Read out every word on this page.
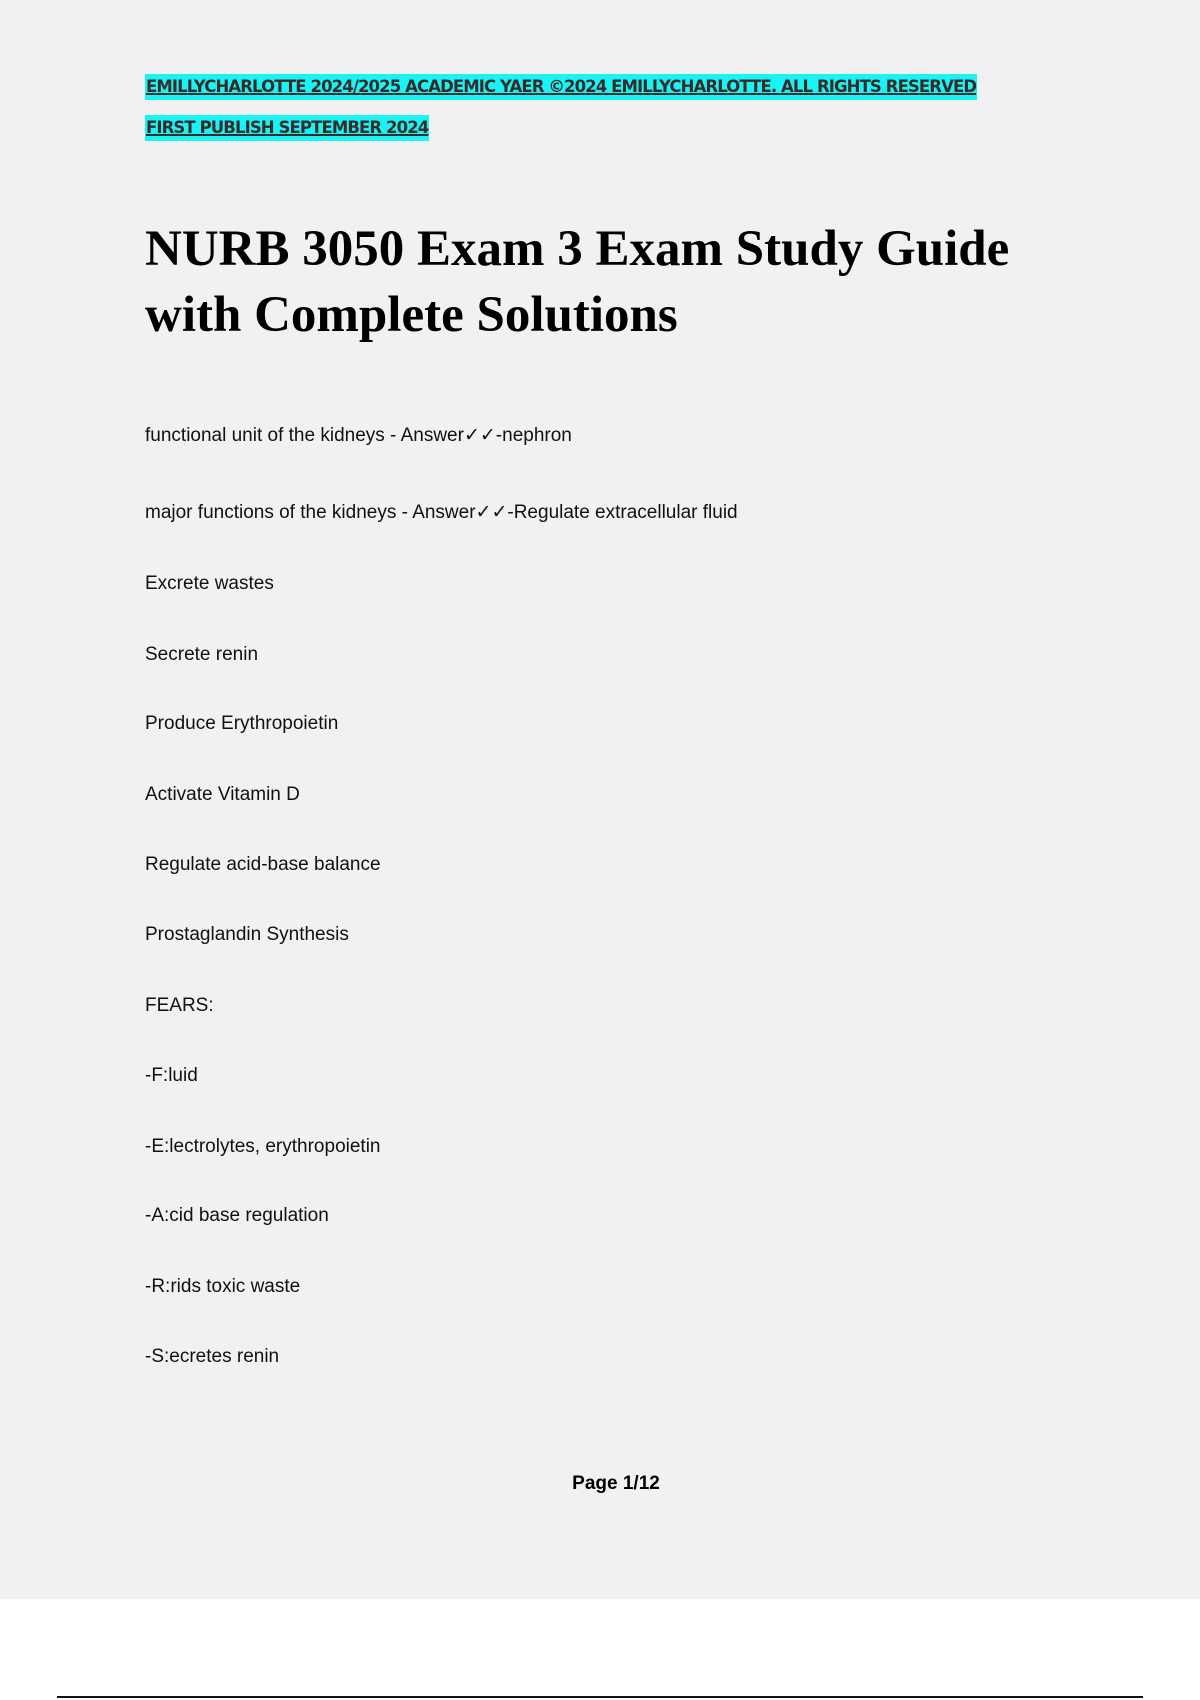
EMILLYCHARLOTTE 2024/2025 ACADEMIC YAER ©2024 EMILLYCHARLOTTE. ALL RIGHTS RESERVED
FIRST PUBLISH SEPTEMBER 2024
NURB 3050 Exam 3 Exam Study Guide with Complete Solutions
functional unit of the kidneys - Answer✓✓-nephron
major functions of the kidneys - Answer✓✓-Regulate extracellular fluid
Excrete wastes
Secrete renin
Produce Erythropoietin
Activate Vitamin D
Regulate acid-base balance
Prostaglandin Synthesis
FEARS:
-F:luid
-E:lectrolytes, erythropoietin
-A:cid base regulation
-R:rids toxic waste
-S:ecretes renin
Page 1/12
